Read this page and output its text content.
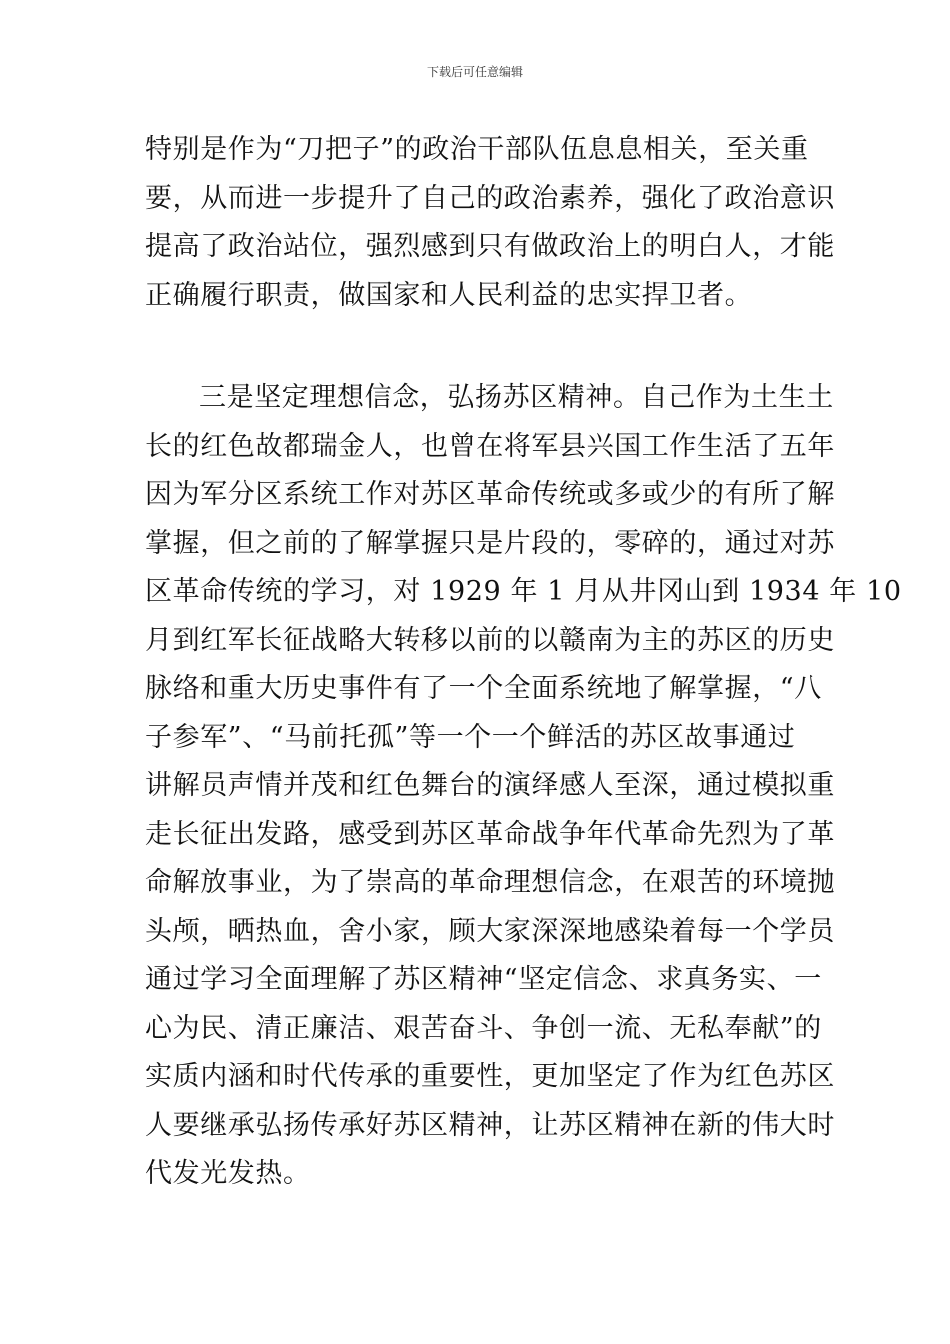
下载后可任意编辑
特别是作为“刀把子”的政治干部队伍息息相关，至关重
要，从而进一步提升了自己的政治素养，强化了政治意识
提高了政治站位，强烈感到只有做政治上的明白人，才能
正确履行职责，做国家和人民利益的忠实捍卫者。
三是坚定理想信念，弘扬苏区精神。自己作为土生土
长的红色故都瑞金人，也曾在将军县兴国工作生活了五年
因为军分区系统工作对苏区革命传统或多或少的有所了解
掌握，但之前的了解掌握只是片段的，零碎的，通过对苏
区革命传统的学习，对 1929 年 1 月从井冈山到 1934 年 10
月到红军长征战略大转移以前的以赣南为主的苏区的历史
脉络和重大历史事件有了一个全面系统地了解掌握，“八
子参军”、“马前托孤”等一个一个鲜活的苏区故事通过
讲解员声情并茂和红色舞台的演绎感人至深，通过模拟重
走长征出发路，感受到苏区革命战争年代革命先烈为了革
命解放事业，为了崇高的革命理想信念，在艰苦的环境抛
头颅，晒热血，舍小家，顾大家深深地感染着每一个学员
通过学习全面理解了苏区精神“坚定信念、求真务实、一
心为民、清正廉洁、艰苦奋斗、争创一流、无私奉献”的
实质内涵和时代传承的重要性，更加坚定了作为红色苏区
人要继承弘扬传承好苏区精神，让苏区精神在新的伟大时
代发光发热。
